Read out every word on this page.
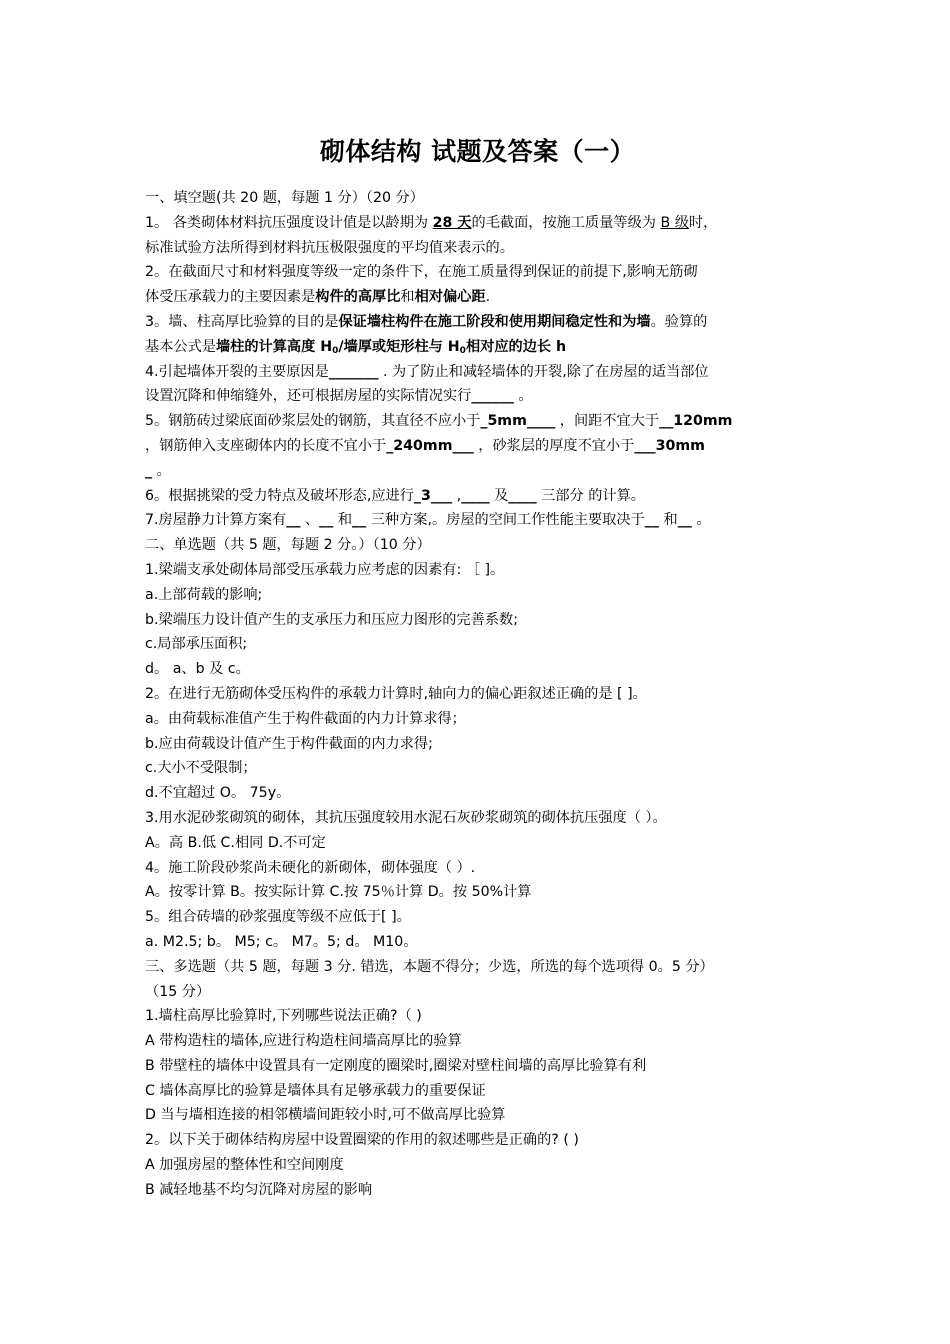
砌体结构 试题及答案（一）
一、填空题(共 20 题，每题 1 分）（20 分）
1。 各类砌体材料抗压强度设计值是以龄期为 28 天的毛截面，按施工质量等级为 B 级时，
标准试验方法所得到材料抗压极限强度的平均值来表示的。
2。在截面尺寸和材料强度等级一定的条件下，在施工质量得到保证的前提下,影响无筋砌
体受压承载力的主要因素是构件的高厚比和相对偏心距.
3。墙、柱高厚比验算的目的是保证墙柱构件在施工阶段和使用期间稳定性和为墙。验算的
基本公式是墙柱的计算高度 $H_0/$墙厚或矩形柱与 $H_0$相对应的边长 h
4.引起墙体开裂的主要原因是_______ . 为了防止和减轻墙体的开裂,除了在房屋的适当部位
设置沉降和伸缩缝外，还可根据房屋的实际情况实行______ 。
5。钢筋砖过梁底面砂浆层处的钢筋，其直径不应小于_5mm____ ，间距不宜大于__120mm
，钢筋伸入支座砌体内的长度不宜小于_240mm___ ，砂浆层的厚度不宜小于___30mm
_ 。
6。根据挑梁的受力特点及破坏形态,应进行_3___ ,____ 及____ 三部分 的计算。
7.房屋静力计算方案有__ 、__ 和__ 三种方案,。房屋的空间工作性能主要取决于__ 和__ 。
二、单选题（共 5 题，每题 2 分。）（10 分）
1.梁端支承处砌体局部受压承载力应考虑的因素有: ［ ]。
a.上部荷载的影响;
b.梁端压力设计值产生的支承压力和压应力图形的完善系数;
c.局部承压面积;
d。 a、b 及 c。
2。在进行无筋砌体受压构件的承载力计算时,轴向力的偏心距叙述正确的是 [ ]。
a。由荷载标准值产生于构件截面的内力计算求得；
b.应由荷载设计值产生于构件截面的内力求得;
c.大小不受限制；
d.不宜超过 O。 75y。
3.用水泥砂浆砌筑的砌体，其抗压强度较用水泥石灰砂浆砌筑的砌体抗压强度（ ）。
A。高 B.低 C.相同 D.不可定
4。施工阶段砂浆尚未硬化的新砌体，砌体强度（ ）.
A。按零计算 B。按实际计算 C.按 75％计算 D。按 50%计算
5。组合砖墙的砂浆强度等级不应低于[ ]。
a. M2.5; b。 M5; c。 M7。5; d。 M10。
三、多选题（共 5 题，每题 3 分. 错选，本题不得分；少选，所选的每个选项得 0。5 分）
（15 分）
1.墙柱高厚比验算时,下列哪些说法正确?（ )
A 带构造柱的墙体,应进行构造柱间墙高厚比的验算
B 带壁柱的墙体中设置具有一定刚度的圈梁时,圈梁对壁柱间墙的高厚比验算有利
C 墙体高厚比的验算是墙体具有足够承载力的重要保证
D 当与墙相连接的相邻横墙间距较小时,可不做高厚比验算
2。以下关于砌体结构房屋中设置圈梁的作用的叙述哪些是正确的? ( )
A 加强房屋的整体性和空间刚度
B 减轻地基不均匀沉降对房屋的影响
